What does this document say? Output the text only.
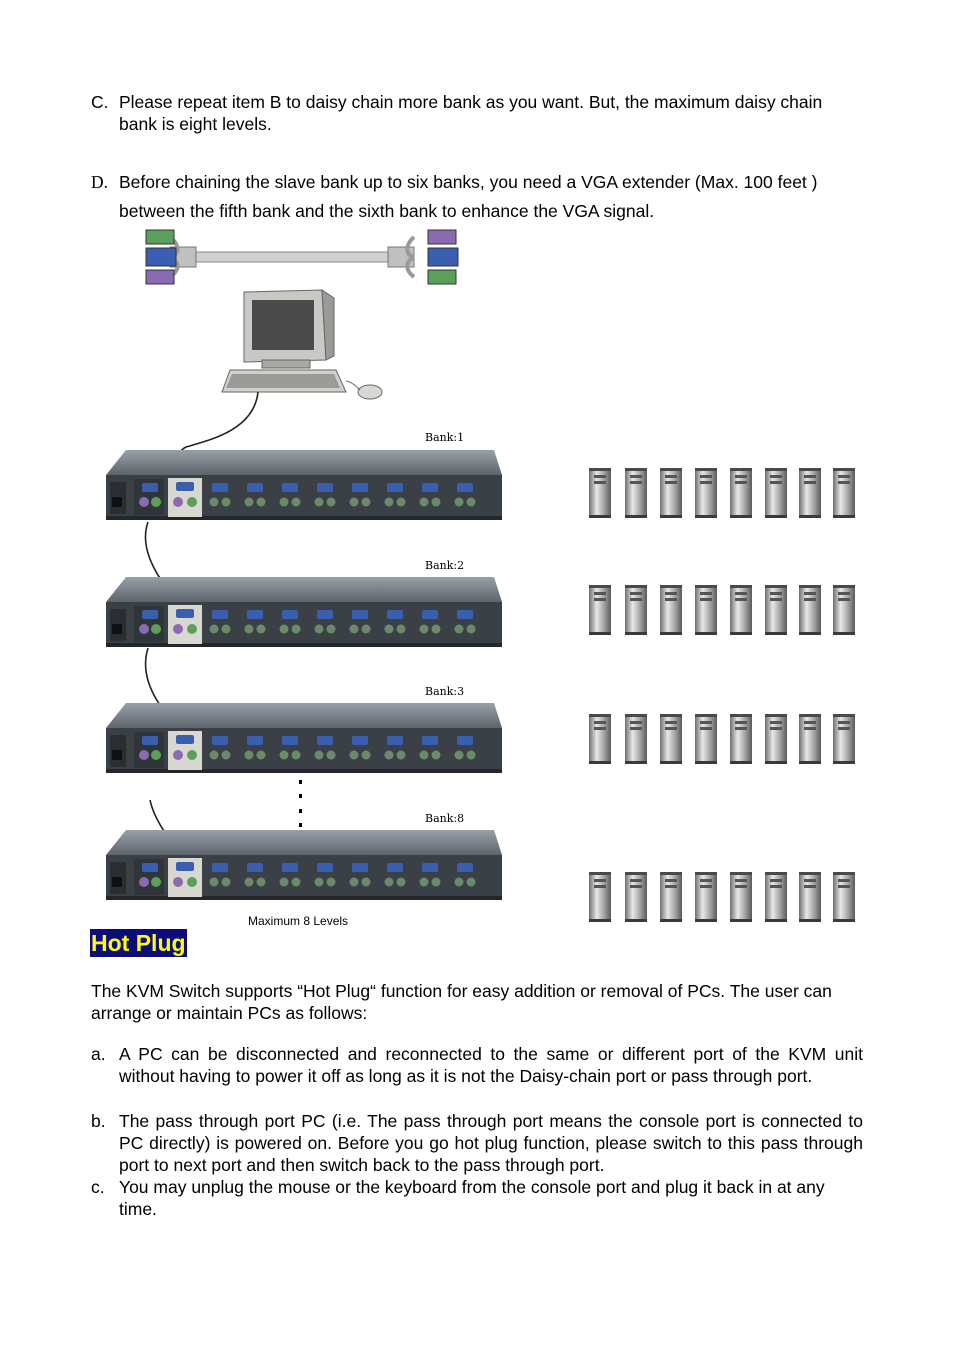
C. Please repeat item B to daisy chain more bank as you want. But, the maximum daisy chain bank is eight levels.
D. Before chaining the slave bank up to six banks, you need a VGA extender (Max. 100 feet ) between the fifth bank and the sixth bank to enhance the VGA signal.
Bank:1
Bank:2
Bank:3
Bank:8
Maximum 8 Levels
Hot Plug
The KVM Switch supports “Hot Plug“ function for easy addition or removal of PCs. The user can arrange or maintain PCs as follows:
a. A PC can be disconnected and reconnected to the same or different port of the KVM unit without having to power it off as long as it is not the Daisy-chain port or pass through port.
b. The pass through port PC (i.e. The pass through port means the console port is connected to PC directly) is powered on. Before you go hot plug function, please switch to this pass through port to next port and then switch back to the pass through port.
c. You may unplug the mouse or the keyboard from the console port and plug it back in at any time.
